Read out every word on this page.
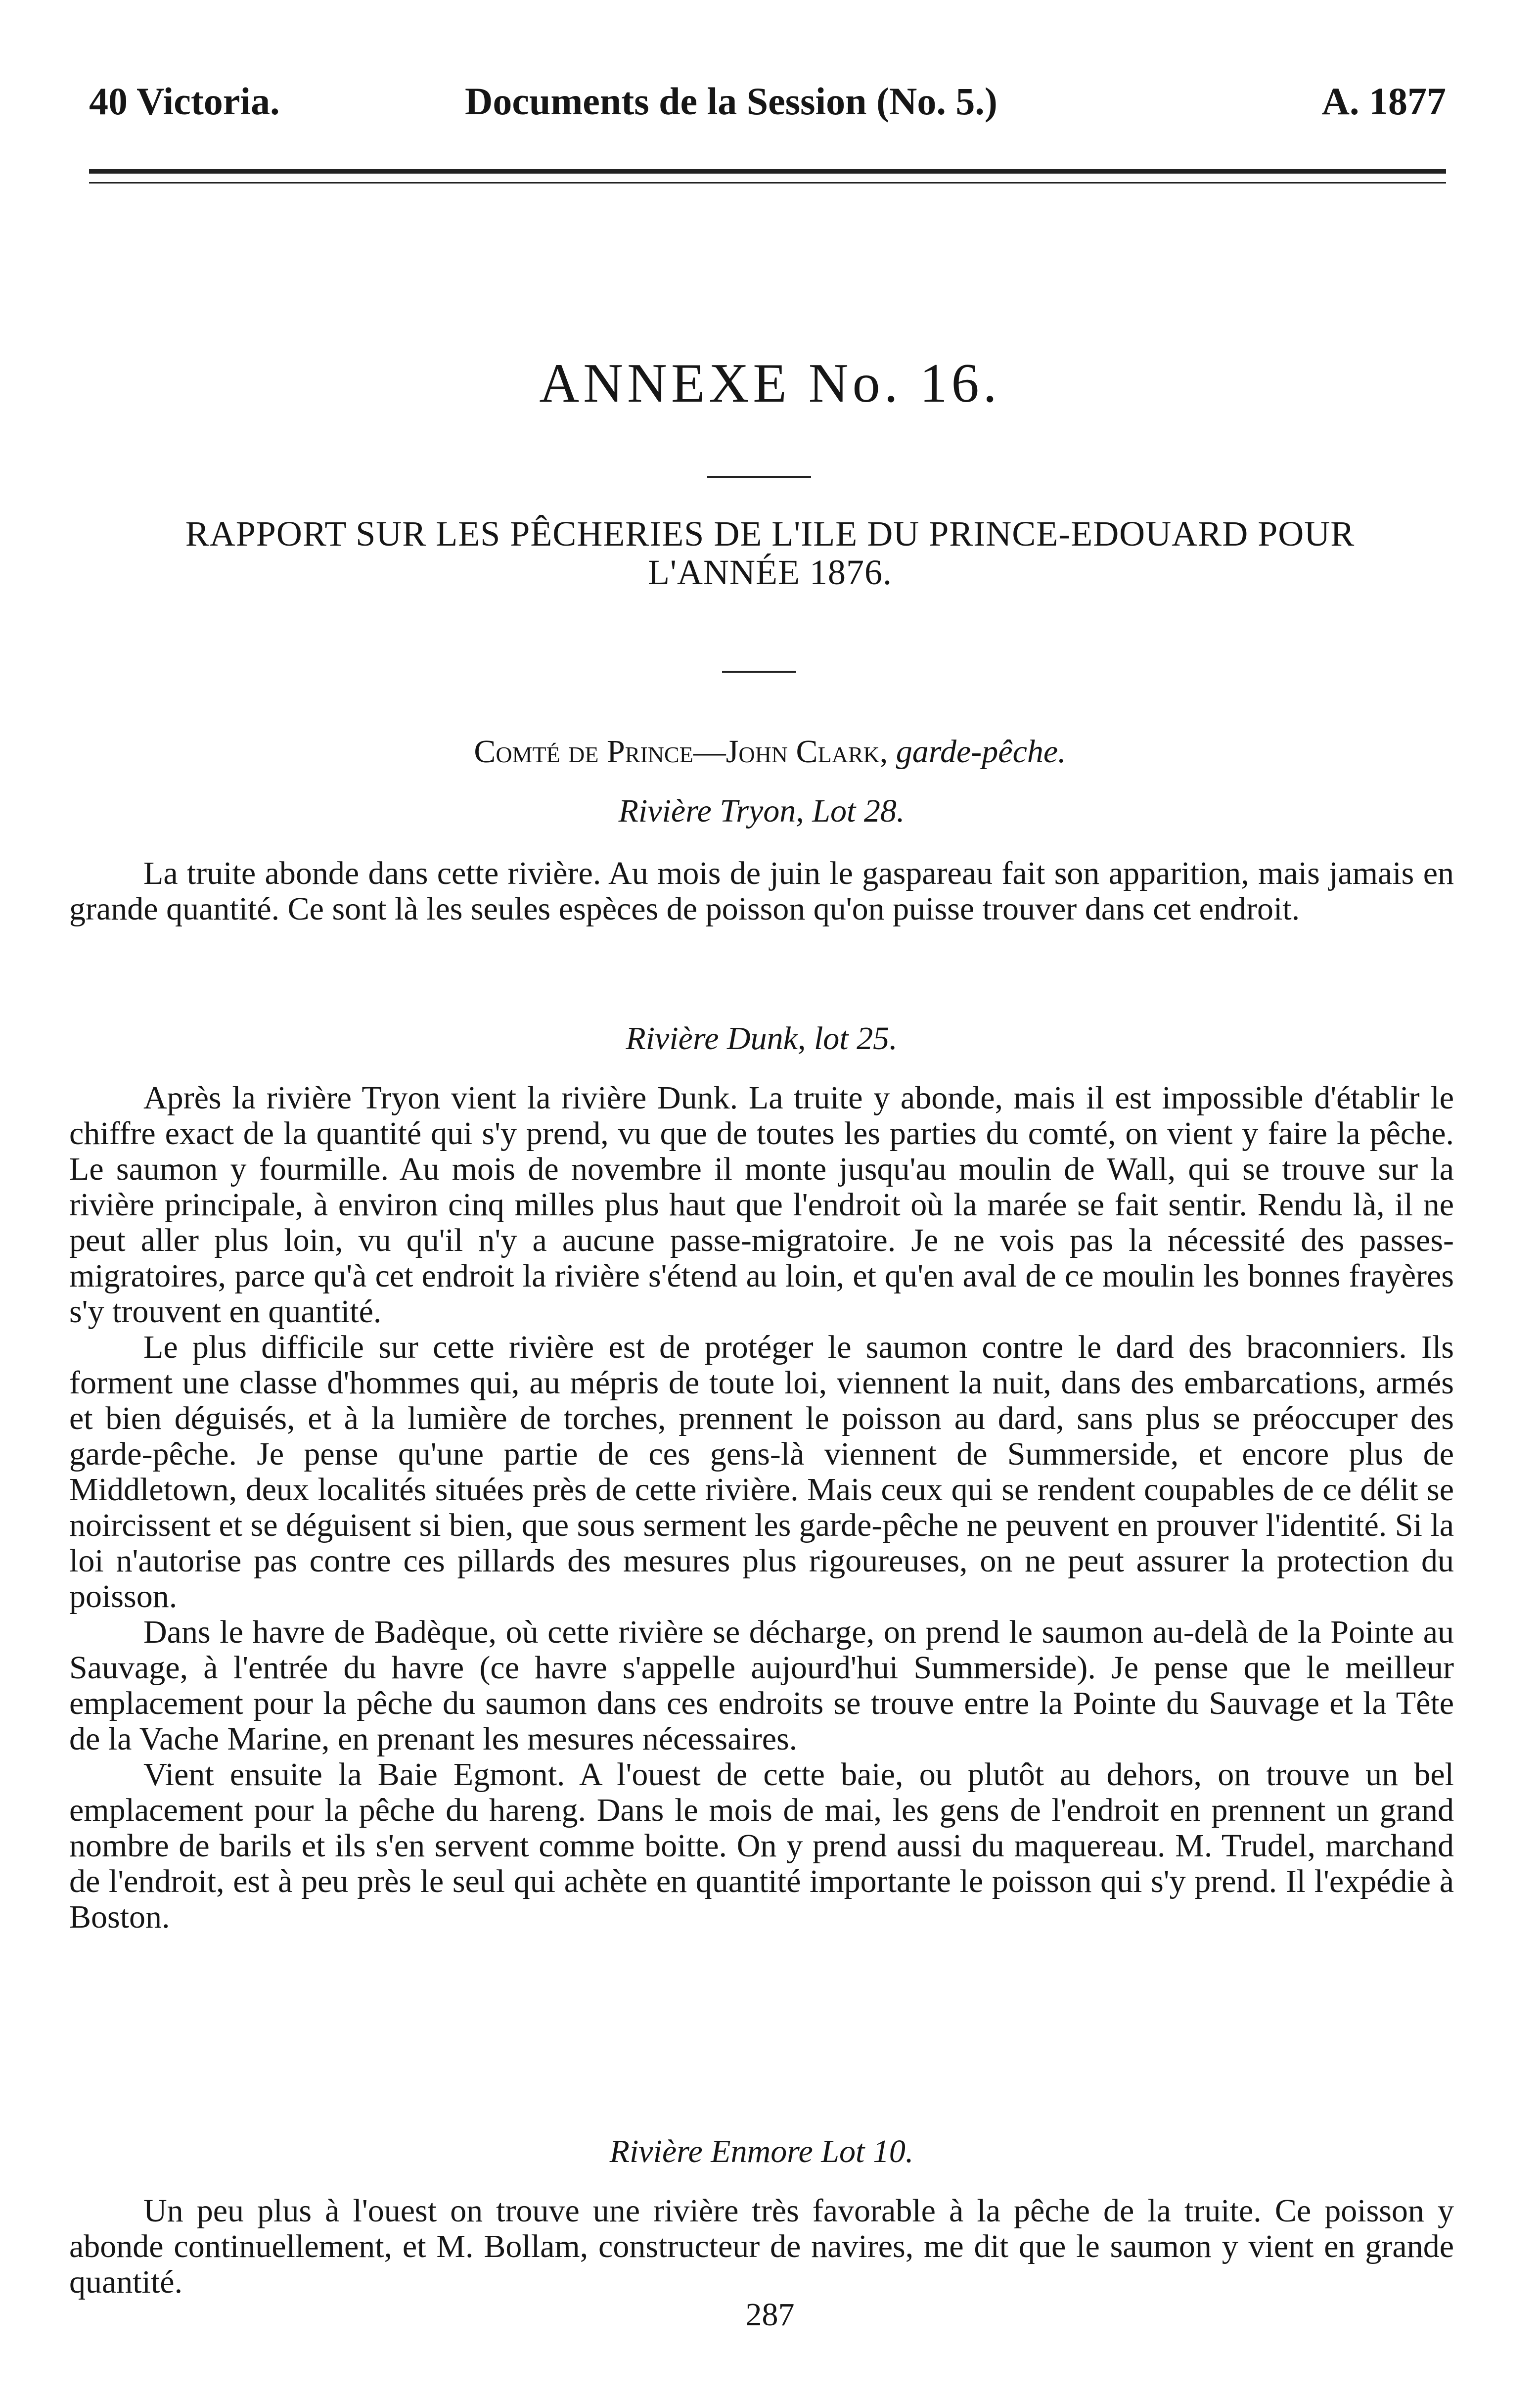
40 Victoria.	Documents de la Session (No. 5.)	A. 1877
ANNEXE No. 16.
RAPPORT SUR LES PÊCHERIES DE L'ILE DU PRINCE-EDOUARD POUR
L'ANNÉE 1876.
Comté de Prince—John Clark, garde-pêche.

Rivière Tryon, Lot 28.

La truite abonde dans cette rivière. Au mois de juin le gaspareau fait son apparition, mais jamais en grande quantité. Ce sont là les seules espèces de poisson qu'on puisse trouver dans cet endroit.

Rivière Dunk, lot 25.

Après la rivière Tryon vient la rivière Dunk. La truite y abonde, mais il est impossible d'établir le chiffre exact de la quantité qui s'y prend, vu que de toutes les parties du comté, on vient y faire la pêche. Le saumon y fourmille. Au mois de novembre il monte jusqu'au moulin de Wall, qui se trouve sur la rivière principale, à environ cinq milles plus haut que l'endroit où la marée se fait sentir. Rendu là, il ne peut aller plus loin, vu qu'il n'y a aucune passe-migratoire. Je ne vois pas la nécessité des passes-migratoires, parce qu'à cet endroit la rivière s'étend au loin, et qu'en aval de ce moulin les bonnes frayères s'y trouvent en quantité.

Le plus difficile sur cette rivière est de protéger le saumon contre le dard des braconniers. Ils forment une classe d'hommes qui, au mépris de toute loi, viennent la nuit, dans des embarcations, armés et bien déguisés, et à la lumière de torches, prennent le poisson au dard, sans plus se préoccuper des garde-pêche. Je pense qu'une partie de ces gens-là viennent de Summerside, et encore plus de Middletown, deux localités situées près de cette rivière. Mais ceux qui se rendent coupables de ce délit se noircissent et se déguisent si bien, que sous serment les garde-pêche ne peuvent en prouver l'identité. Si la loi n'autorise pas contre ces pillards des mesures plus rigoureuses, on ne peut assurer la protection du poisson.

Dans le havre de Badèque, où cette rivière se décharge, on prend le saumon au-delà de la Pointe au Sauvage, à l'entrée du havre (ce havre s'appelle aujourd'hui Summerside). Je pense que le meilleur emplacement pour la pêche du saumon dans ces endroits se trouve entre la Pointe du Sauvage et la Tête de la Vache Marine, en prenant les mesures nécessaires.

Vient ensuite la Baie Egmont. A l'ouest de cette baie, ou plutôt au dehors, on trouve un bel emplacement pour la pêche du hareng. Dans le mois de mai, les gens de l'endroit en prennent un grand nombre de barils et ils s'en servent comme boitte. On y prend aussi du maquereau. M. Trudel, marchand de l'endroit, est à peu près le seul qui achète en quantité importante le poisson qui s'y prend. Il l'expédie à Boston.

Rivière Enmore Lot 10.

Un peu plus à l'ouest on trouve une rivière très favorable à la pêche de la truite. Ce poisson y abonde continuellement, et M. Bollam, constructeur de navires, me dit que le saumon y vient en grande quantité.

287
